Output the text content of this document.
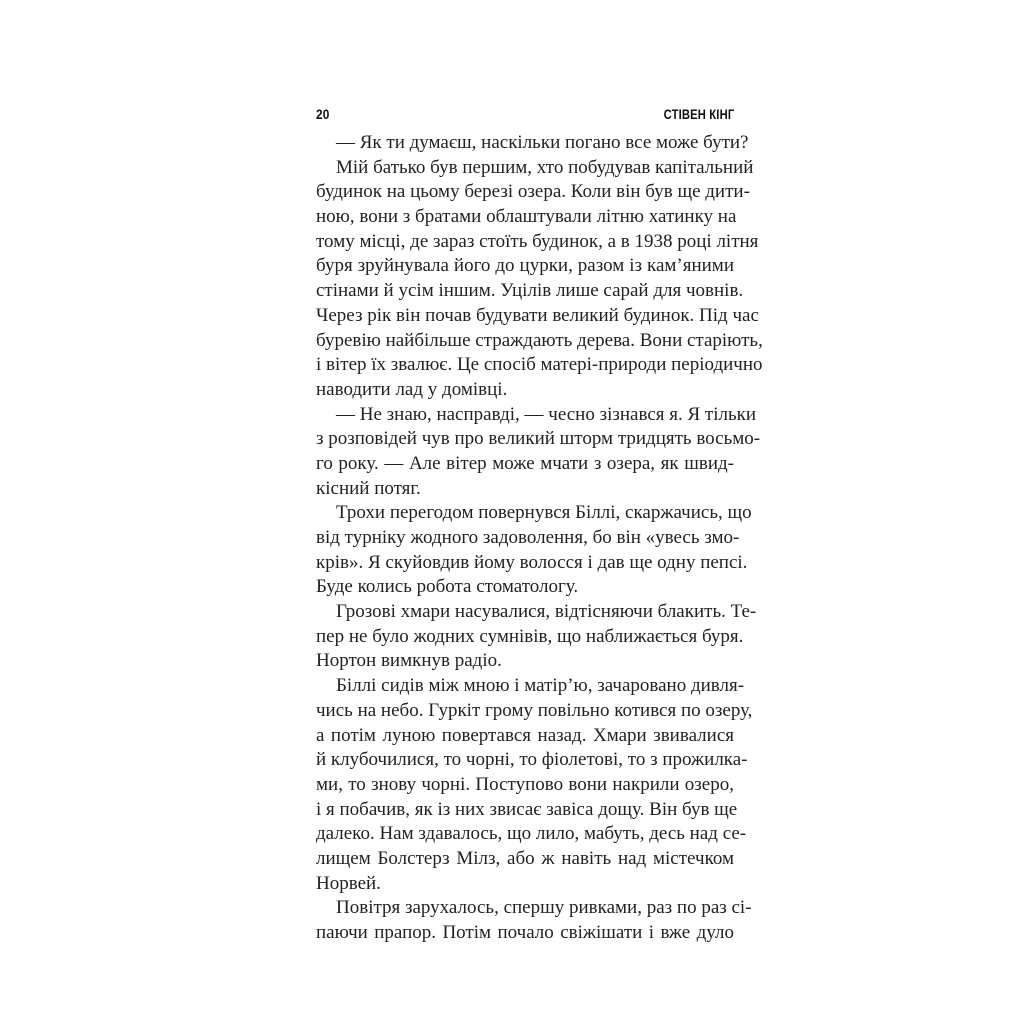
20	СТІВЕН КІНГ
— Як ти думаєш, наскільки погано все може бути?
Мій батько був першим, хто побудував капітальний
будинок на цьому березі озера. Коли він був ще дити-
ною, вони з братами облаштували літню хатинку на
тому місці, де зараз стоїть будинок, а в 1938 році літня
буря зруйнувала його до цурки, разом із кам’яними
стінами й усім іншим. Уцілів лише сарай для човнів.
Через рік він почав будувати великий будинок. Під час
буревію найбільше страждають дерева. Вони старіють,
і вітер їх звалює. Це спосіб матері-природи періодично
наводити лад у домівці.
— Не знаю, насправді, — чесно зізнався я. Я тільки
з розповідей чув про великий шторм тридцять восьмо-
го року. — Але вітер може мчати з озера, як швид-
кісний потяг.
Трохи перегодом повернувся Біллі, скаржачись, що
від турніку жодного задоволення, бо він «увесь змо-
крів». Я скуйовдив йому волосся і дав ще одну пепсі.
Буде колись робота стоматологу.
Грозові хмари насувалися, відтісняючи блакить. Те-
пер не було жодних сумнівів, що наближається буря.
Нортон вимкнув радіо.
Біллі сидів між мною і матір’ю, зачаровано дивля-
чись на небо. Гуркіт грому повільно котився по озеру,
а потім луною повертався назад. Хмари звивалися
й клубочилися, то чорні, то фіолетові, то з прожилка-
ми, то знову чорні. Поступово вони накрили озеро,
і я побачив, як із них звисає завіса дощу. Він був ще
далеко. Нам здавалось, що лило, мабуть, десь над се-
лищем Болстерз Мілз, або ж навіть над містечком
Норвей.
Повітря зарухалось, спершу ривками, раз по раз сі-
паючи прапор. Потім почало свіжішати і вже дуло
